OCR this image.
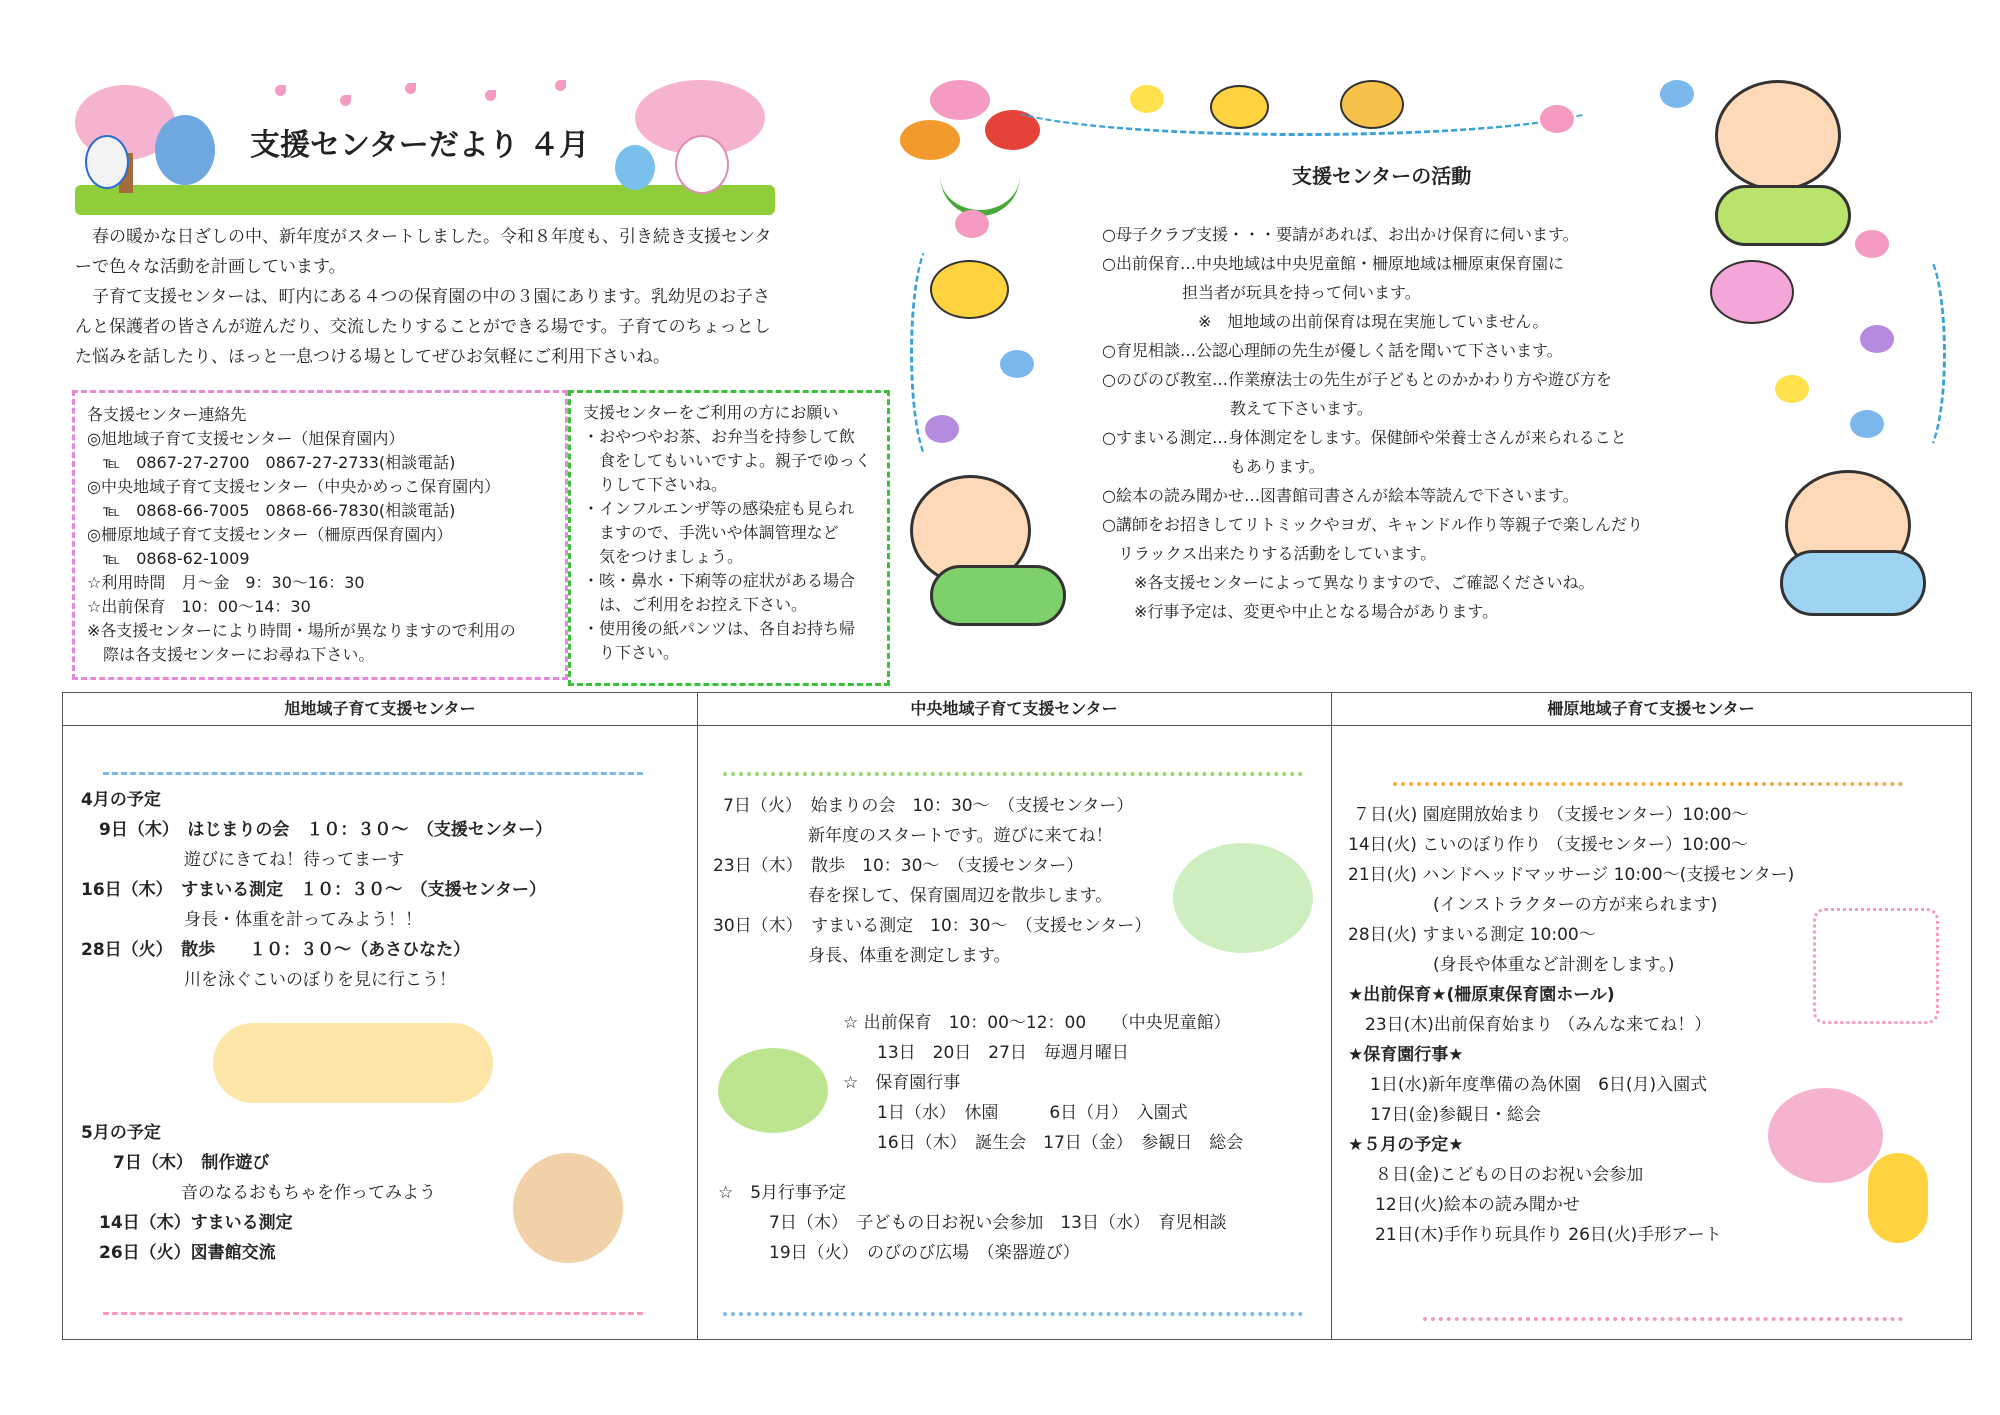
支援センターだより ４月

　春の暖かな日ざしの中、新年度がスタートしました。令和８年度も、引き続き支援センタ

ーで色々な活動を計画しています。

　子育て支援センターは、町内にある４つの保育園の中の３園にあります。乳幼児のお子さ

んと保護者の皆さんが遊んだり、交流したりすることができる場です。子育てのちょっとし

た悩みを話したり、ほっと一息つける場としてぜひお気軽にご利用下さいね。

各支援センター連絡先
◎旭地域子育て支援センター（旭保育園内）
　℡　0867-27-2700　0867-27-2733(相談電話)
◎中央地域子育て支援センター（中央かめっこ保育園内）
　℡　0868-66-7005　0868-66-7830(相談電話)
◎柵原地域子育て支援センター（柵原西保育園内）
　℡　0868-62-1009
☆利用時間　月～金　9：30～16：30
☆出前保育　10：00～14：30
※各支援センターにより時間・場所が異なりますので利用の
　際は各支援センターにお尋ね下さい。
支援センターをご利用の方にお願い
・おやつやお茶、お弁当を持参して飲
　食をしてもいいですよ。親子でゆっく
　りして下さいね。
・インフルエンザ等の感染症も見られ
　ますので、手洗いや体調管理など
　気をつけましょう。
・咳・鼻水・下痢等の症状がある場合
　は、ご利用をお控え下さい。
・使用後の紙パンツは、各自お持ち帰
　り下さい。
支援センターの活動
○母子クラブ支援・・・要請があれば、お出かけ保育に伺います。
○出前保育…中央地域は中央児童館・柵原地域は柵原東保育園に
　　　　　担当者が玩具を持って伺います。
　　　　　　※　旭地域の出前保育は現在実施していません。
○育児相談…公認心理師の先生が優しく話を聞いて下さいます。
○のびのび教室…作業療法士の先生が子どもとのかかわり方や遊び方を
　　　　　　　　教えて下さいます。
○すまいる測定…身体測定をします。保健師や栄養士さんが来られること
　　　　　　　　もあります。
○絵本の読み聞かせ…図書館司書さんが絵本等読んで下さいます。
○講師をお招きしてリトミックやヨガ、キャンドル作り等親子で楽しんだり
　リラックス出来たりする活動をしています。
　　※各支援センターによって異なりますので、ご確認くださいね。
　　※行事予定は、変更や中止となる場合があります。
旭地域子育て支援センター	中央地域子育て支援センター	柵原地域子育て支援センター
4月の予定
9日（木）　はじまりの会　１０：３０～　（支援センター）
　　　　　遊びにきてね！待ってまーす
16日（木）　すまいる測定　１０：３０～　（支援センター）
　　　　　身長・体重を計ってみよう！！
28日（火）　散歩　　１０：３０～（あさひなた）
　　　　　川を泳ぐこいのぼりを見に行こう！
5月の予定
7日（木）　制作遊び
　　　　音のなるおもちゃを作ってみよう
14日（木）すまいる測定
26日（火）図書館交流
7日（火）　始まりの会　10：30～　（支援センター）
　　　　　新年度のスタートです。遊びに来てね！
23日（木）　散歩　10：30～　（支援センター）
　　　　　春を探して、保育園周辺を散歩します。
30日（木）　すまいる測定　10：30～　（支援センター）
　　　　　身長、体重を測定します。
☆ 出前保育　10：00～12：00　　（中央児童館）
　　13日　20日　27日　毎週月曜日
☆　保育園行事
　　1日（水）　休園　　　6日（月）　入園式
　　16日（木）　誕生会　17日（金）　参観日　総会
☆　5月行事予定
　　　7日（木）　子どもの日お祝い会参加　13日（水）　育児相談
　　　19日（火）　のびのび広場　（楽器遊び）
７日(火) 園庭開放始まり （支援センター）10:00～
14日(火) こいのぼり作り （支援センター）10:00～
21日(火) ハンドヘッドマッサージ 10:00～(支援センター)
　　　　　(インストラクターの方が来られます)
28日(火) すまいる測定 10:00～
　　　　　(身長や体重など計測をします。)
★出前保育★(柵原東保育園ホール)
　23日(木)出前保育始まり （みんな来てね！）
★保育園行事★
　1日(水)新年度準備の為休園　6日(月)入園式
　17日(金)参観日・総会
★５月の予定★
　８日(金)こどもの日のお祝い会参加
　12日(火)絵本の読み聞かせ
　21日(木)手作り玩具作り 26日(火)手形アート
